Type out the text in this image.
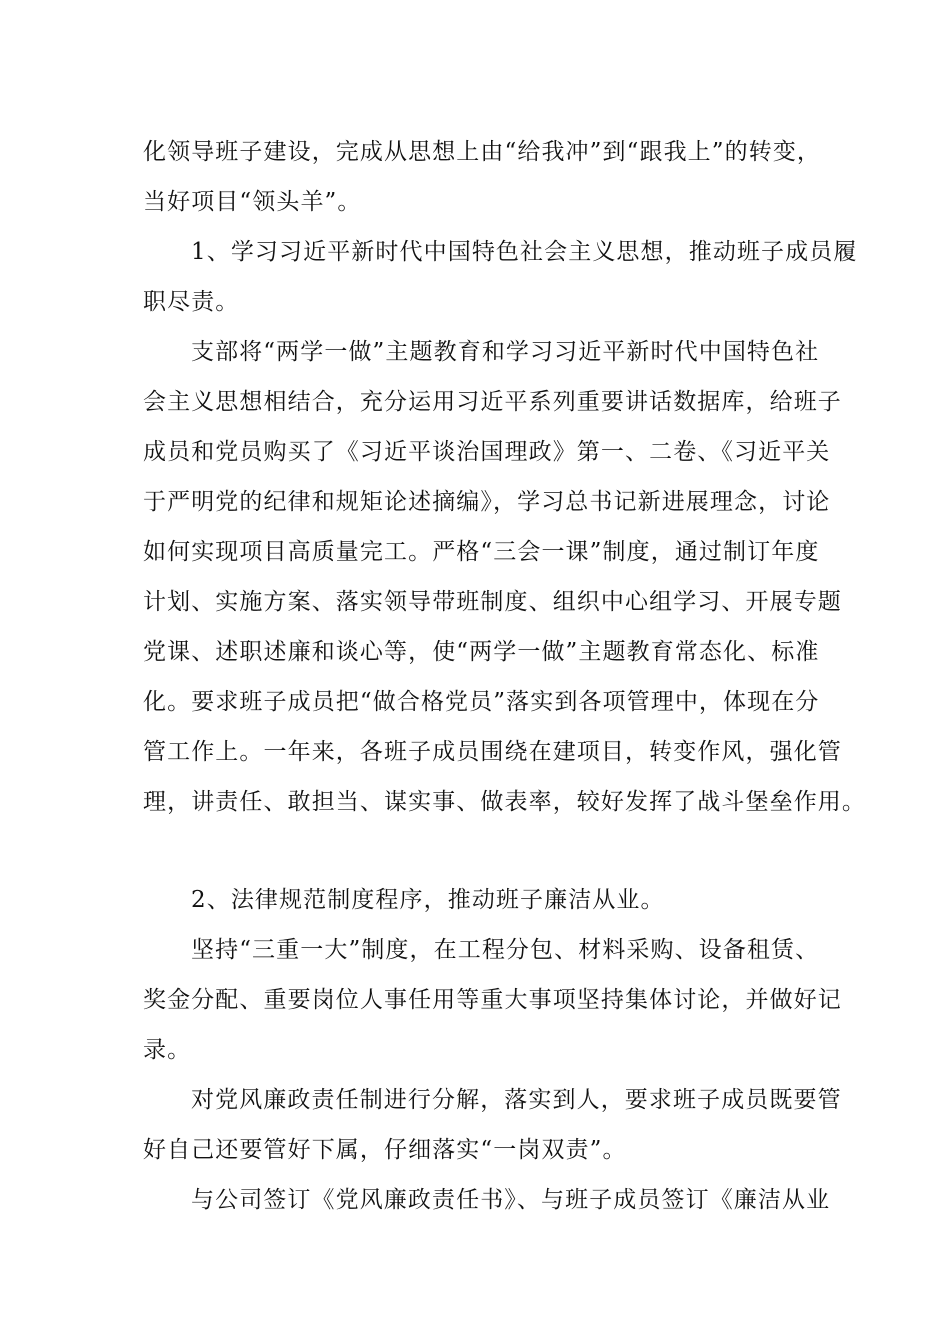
化领导班子建设，完成从思想上由“给我冲”到“跟我上”的转变，
当好项目“领头羊”。
1、学习习近平新时代中国特色社会主义思想，推动班子成员履
职尽责。
支部将“两学一做”主题教育和学习习近平新时代中国特色社
会主义思想相结合，充分运用习近平系列重要讲话数据库，给班子
成员和党员购买了《习近平谈治国理政》第一、二卷、《习近平关
于严明党的纪律和规矩论述摘编》，学习总书记新进展理念，讨论
如何实现项目高质量完工。严格“三会一课”制度，通过制订年度
计划、实施方案、落实领导带班制度、组织中心组学习、开展专题
党课、述职述廉和谈心等，使“两学一做”主题教育常态化、标准
化。要求班子成员把“做合格党员”落实到各项管理中，体现在分
管工作上。一年来，各班子成员围绕在建项目，转变作风，强化管
理，讲责任、敢担当、谋实事、做表率，较好发挥了战斗堡垒作用。
2、法律规范制度程序，推动班子廉洁从业。
坚持“三重一大”制度，在工程分包、材料采购、设备租赁、
奖金分配、重要岗位人事任用等重大事项坚持集体讨论，并做好记
录。
对党风廉政责任制进行分解，落实到人，要求班子成员既要管
好自己还要管好下属，仔细落实“一岗双责”。
与公司签订《党风廉政责任书》、与班子成员签订《廉洁从业
